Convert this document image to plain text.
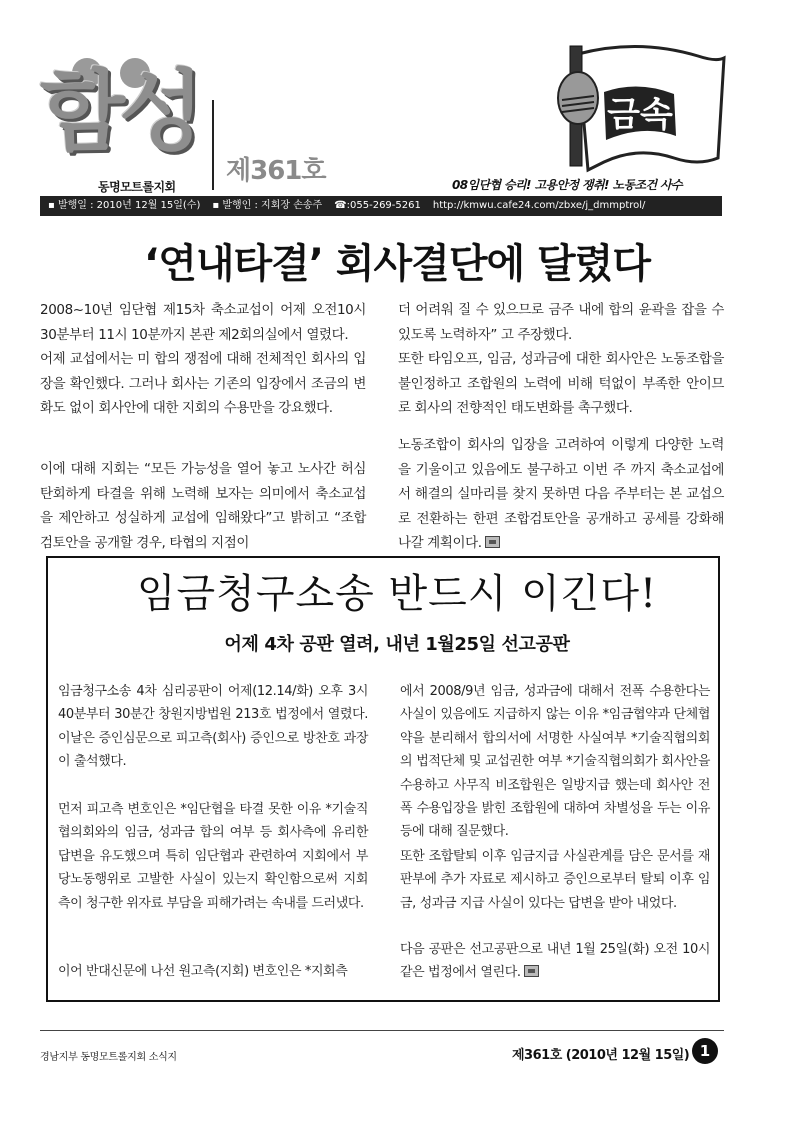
함성
동명모트롤지회
제361호
금속
08임단협 승리! 고용안정 쟁취! 노동조건 사수
▪ 발행일 : 2010년 12월 15일(수) ▪ 발행인 : 지회장 손송주 ☎:055-269-5261 http://kmwu.cafe24.com/zbxe/j_dmmptrol/
‘연내타결’ 회사결단에 달렸다
2008~10년 임단협 제15차 축소교섭이 어제 오전10시 30분부터 11시 10분까지 본관 제2회의실에서 열렸다.
어제 교섭에서는 미 합의 쟁점에 대해 전체적인 회사의 입장을 확인했다. 그러나 회사는 기존의 입장에서 조금의 변화도 없이 회사안에 대한 지회의 수용만을 강요했다.
이에 대해 지회는 “모든 가능성을 열어 놓고 노사간 허심탄회하게 타결을 위해 노력해 보자는 의미에서 축소교섭을 제안하고 성실하게 교섭에 임해왔다”고 밝히고 “조합검토안을 공개할 경우, 타협의 지점이
더 어려워 질 수 있으므로 금주 내에 합의 윤곽을 잡을 수 있도록 노력하자” 고 주장했다.
또한 타임오프, 임금, 성과금에 대한 회사안은 노동조합을 불인정하고 조합원의 노력에 비해 턱없이 부족한 안이므로 회사의 전향적인 태도변화를 촉구했다.
노동조합이 회사의 입장을 고려하여 이렇게 다양한 노력을 기울이고 있음에도 불구하고 이번 주 까지 축소교섭에서 해결의 실마리를 찾지 못하면 다음 주부터는 본 교섭으로 전환하는 한편 조합검토안을 공개하고 공세를 강화해 나갈 계획이다.
임금청구소송 반드시 이긴다!
어제 4차 공판 열려, 내년 1월25일 선고공판
임금청구소송 4차 심리공판이 어제(12.14/화) 오후 3시 40분부터 30분간 창원지방법원 213호 법정에서 열렸다. 이날은 증인심문으로 피고측(회사) 증인으로 방찬호 과장이 출석했다.
먼저 피고측 변호인은 *임단협을 타결 못한 이유 *기술직협의회와의 임금, 성과금 합의 여부 등 회사측에 유리한 답변을 유도했으며 특히 임단협과 관련하여 지회에서 부당노동행위로 고발한 사실이 있는지 확인함으로써 지회측이 청구한 위자료 부담을 피해가려는 속내를 드러냈다.
이어 반대신문에 나선 원고측(지회) 변호인은 *지회측
에서 2008/9년 임금, 성과금에 대해서 전폭 수용한다는 사실이 있음에도 지급하지 않는 이유 *임금협약과 단체협약을 분리해서 합의서에 서명한 사실여부 *기술직협의회의 법적단체 및 교섭권한 여부 *기술직협의회가 회사안을 수용하고 사무직 비조합원은 일방지급 했는데 회사안 전폭 수용입장을 밝힌 조합원에 대하여 차별성을 두는 이유 등에 대해 질문했다.
또한 조합탈퇴 이후 임금지급 사실관계를 담은 문서를 재판부에 추가 자료로 제시하고 증인으로부터 탈퇴 이후 임금, 성과금 지급 사실이 있다는 답변을 받아 내었다.
다음 공판은 선고공판으로 내년 1월 25일(화) 오전 10시 같은 법정에서 열린다.
경남지부 동명모트롤지회 소식지	제361호 (2010년 12월 15일) 1
